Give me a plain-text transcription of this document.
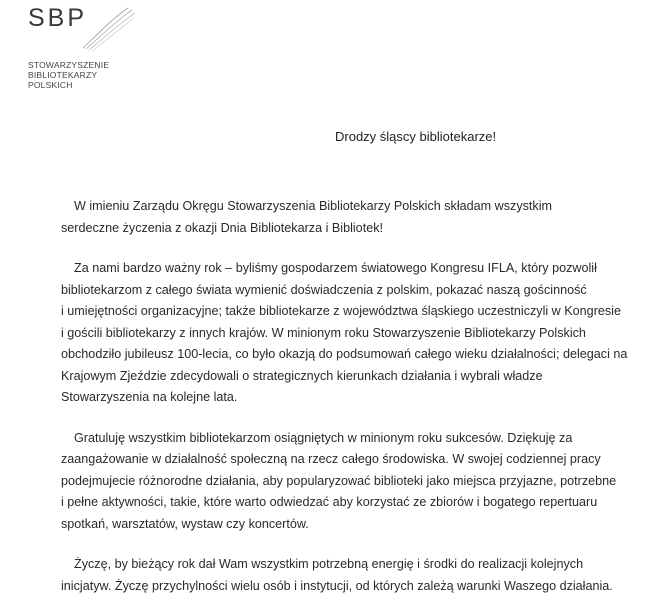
SBP
STOWARZYSZENIE
BIBLIOTEKARZY
POLSKICH
Drodzy śląscy bibliotekarze!
W imieniu Zarządu Okręgu Stowarzyszenia Bibliotekarzy Polskich składam wszystkim
serdeczne życzenia z okazji Dnia Bibliotekarza i Bibliotek!
Za nami bardzo ważny rok – byliśmy gospodarzem światowego Kongresu IFLA, który pozwolił
bibliotekarzom z całego świata wymienić doświadczenia z polskim, pokazać naszą gościnność
i umiejętności organizacyjne; także bibliotekarze z województwa śląskiego uczestniczyli w Kongresie
i gościli bibliotekarzy z innych krajów. W minionym roku Stowarzyszenie Bibliotekarzy Polskich
obchodziło jubileusz 100-lecia, co było okazją do podsumowań całego wieku działalności; delegaci na
Krajowym Zjeździe zdecydowali o strategicznych kierunkach działania i wybrali władze
Stowarzyszenia na kolejne lata.
Gratuluję wszystkim bibliotekarzom osiągniętych w minionym roku sukcesów. Dziękuję za
zaangażowanie w działalność społeczną na rzecz całego środowiska. W swojej codziennej pracy
podejmujecie różnorodne działania, aby popularyzować biblioteki jako miejsca przyjazne, potrzebne
i pełne aktywności, takie, które warto odwiedzać aby korzystać ze zbiorów i bogatego repertuaru
spotkań, warsztatów, wystaw czy koncertów.
Życzę, by bieżący rok dał Wam wszystkim potrzebną energię i środki do realizacji kolejnych
inicjatyw. Życzę przychylności wielu osób i instytucji, od których zależą warunki Waszego działania.
